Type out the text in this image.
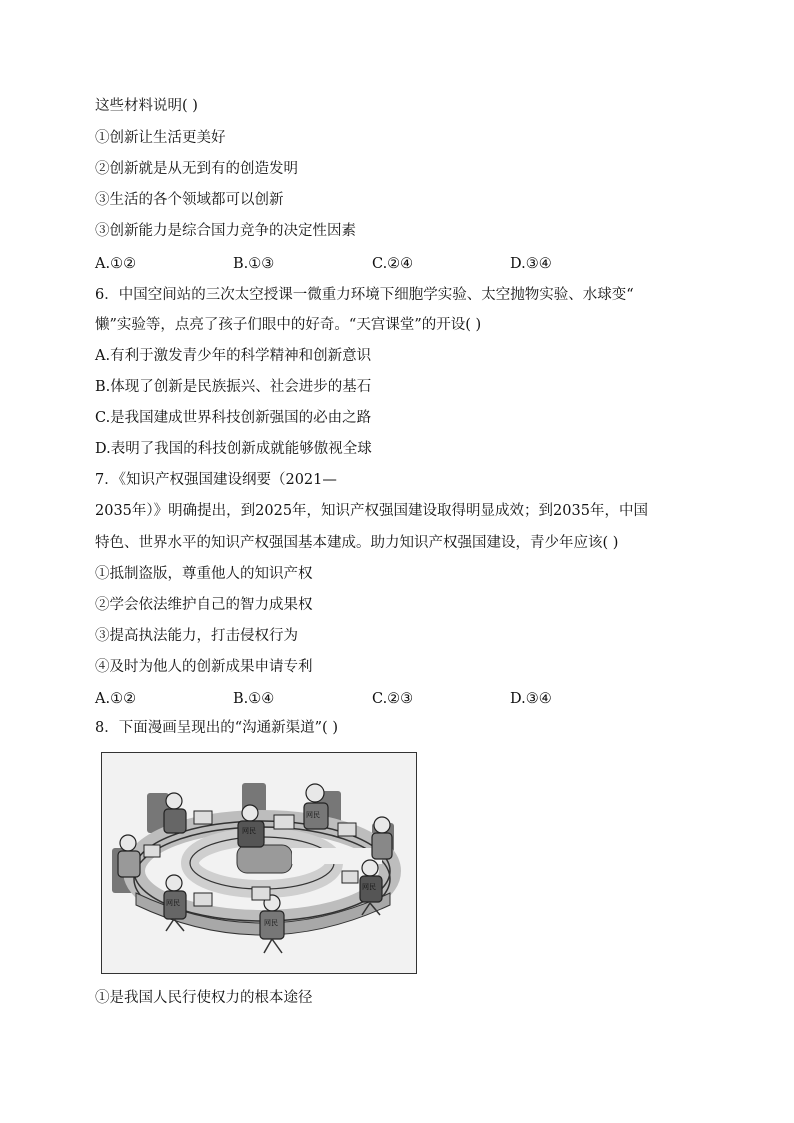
这些材料说明( )
①创新让生活更美好
②创新就是从无到有的创造发明
③生活的各个领域都可以创新
③创新能力是综合国力竞争的决定性因素
A.①②	B.①③	C.②④	D.③④
6．中国空间站的三次太空授课一微重力环境下细胞学实验、太空抛物实验、水球变“
懒”实验等，点亮了孩子们眼中的好奇。“天宫课堂”的开设( )
A.有利于激发青少年的科学精神和创新意识
B.体现了创新是民族振兴、社会进步的基石
C.是我国建成世界科技创新强国的必由之路
D.表明了我国的科技创新成就能够傲视全球
7．《知识产权强国建设纲要（2021—
2035年）》明确提出，到2025年，知识产权强国建设取得明显成效；到2035年，中国
特色、世界水平的知识产权强国基本建成。助力知识产权强国建设，青少年应该( )
①抵制盗版，尊重他人的知识产权
②学会依法维护自己的智力成果权
③提高执法能力，打击侵权行为
④及时为他人的创新成果申请专利
A.①②	B.①④	C.②③	D.③④
8．下面漫画呈现出的“沟通新渠道”( )
网民
网民
网民
网民
网民
①是我国人民行使权力的根本途径
